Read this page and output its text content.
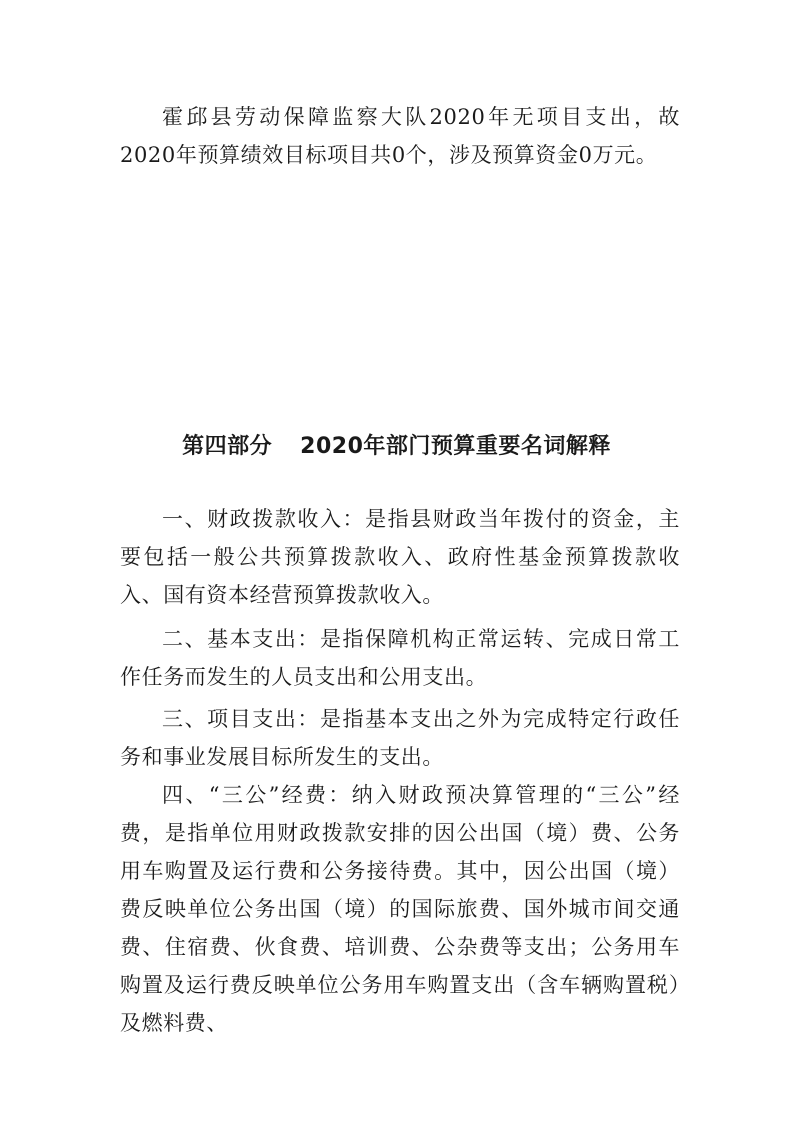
霍邱县劳动保障监察大队2020年无项目支出，故2020年预算绩效目标项目共0个，涉及预算资金0万元。

第四部分 2020年部门预算重要名词解释

一、财政拨款收入：是指县财政当年拨付的资金，主要包括一般公共预算拨款收入、政府性基金预算拨款收入、国有资本经营预算拨款收入。

二、基本支出：是指保障机构正常运转、完成日常工作任务而发生的人员支出和公用支出。

三、项目支出：是指基本支出之外为完成特定行政任务和事业发展目标所发生的支出。

四、“三公”经费：纳入财政预决算管理的“三公”经费，是指单位用财政拨款安排的因公出国（境）费、公务用车购置及运行费和公务接待费。其中，因公出国（境）费反映单位公务出国（境）的国际旅费、国外城市间交通费、住宿费、伙食费、培训费、公杂费等支出；公务用车购置及运行费反映单位公务用车购置支出（含车辆购置税）及燃料费、
